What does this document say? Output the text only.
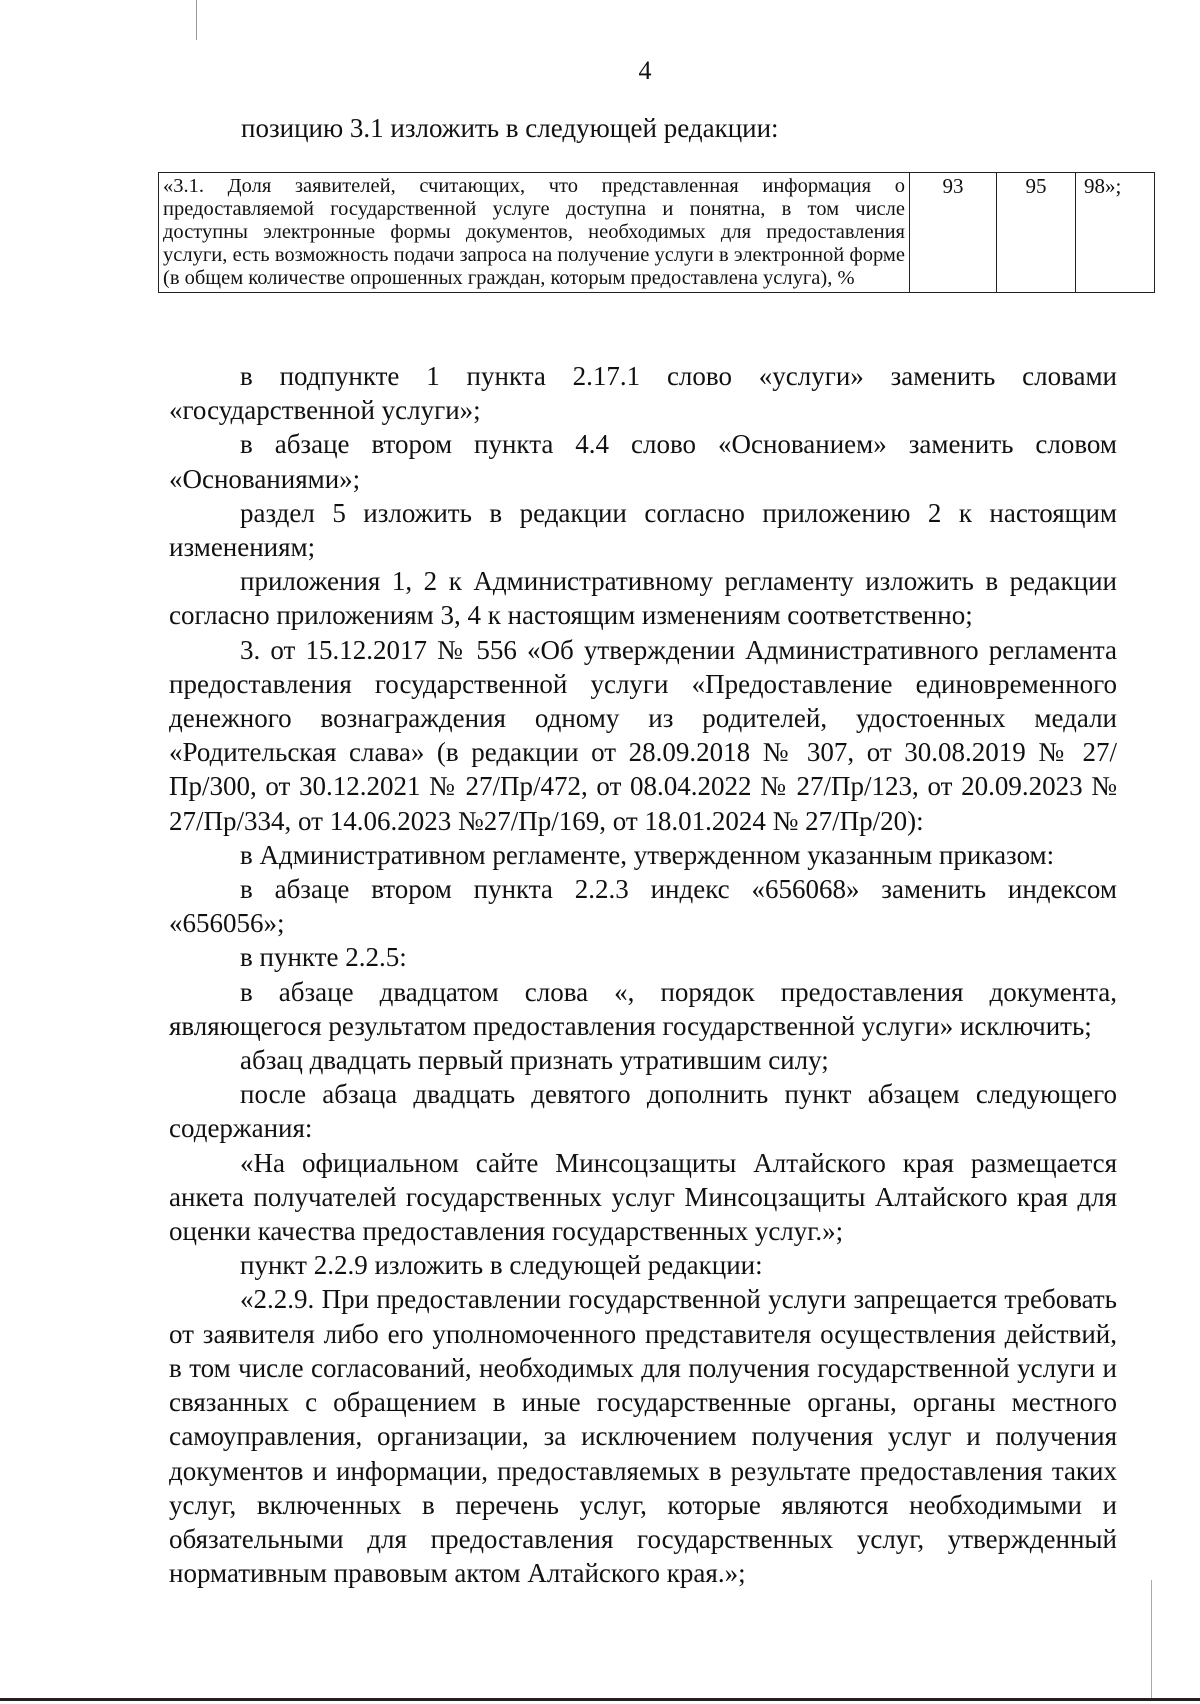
4
позицию 3.1 изложить в следующей редакции:
«3.1. Доля заявителей, считающих, что представленная информация о предоставляемой государственной услуге доступна и понятна, в том числе доступны электронные формы документов, необходимых для предоставления услуги, есть возможность подачи запроса на получение услуги в электронной форме (в общем количестве опрошенных граждан, которым предоставлена услуга), %	93	95	98»;

в подпункте 1 пункта 2.17.1 слово «услуги» заменить словами «государственной услуги»;

в абзаце втором пункта 4.4 слово «Основанием» заменить словом «Основаниями»;

раздел 5 изложить в редакции согласно приложению 2 к настоящим изменениям;

приложения 1, 2 к Административному регламенту изложить в редакции согласно приложениям 3, 4 к настоящим изменениям соответственно;

3. от 15.12.2017 № 556 «Об утверждении Административного регламента предоставления государственной услуги «Предоставление единовременного денежного вознаграждения одному из родителей, удостоенных медали «Родительская слава» (в редакции от 28.09.2018 № 307, от 30.08.2019 № 27/Пр/300, от 30.12.2021 № 27/Пр/472, от 08.04.2022 № 27/Пр/123, от 20.09.2023 № 27/Пр/334, от 14.06.2023 №27/Пр/169, от 18.01.2024 № 27/Пр/20):

в Административном регламенте, утвержденном указанным приказом:

в абзаце втором пункта 2.2.3 индекс «656068» заменить индексом «656056»;

в пункте 2.2.5:

в абзаце двадцатом слова «, порядок предоставления документа, являющегося результатом предоставления государственной услуги» исключить;

абзац двадцать первый признать утратившим силу;

после абзаца двадцать девятого дополнить пункт абзацем следующего содержания:

«На официальном сайте Минсоцзащиты Алтайского края размещается анкета получателей государственных услуг Минсоцзащиты Алтайского края для оценки качества предоставления государственных услуг.»;

пункт 2.2.9 изложить в следующей редакции:

«2.2.9. При предоставлении государственной услуги запрещается требовать от заявителя либо его уполномоченного представителя осуществления действий, в том числе согласований, необходимых для получения государственной услуги и связанных с обращением в иные государственные органы, органы местного самоуправления, организации, за исключением получения услуг и получения документов и информации, предоставляемых в результате предоставления таких услуг, включенных в перечень услуг, которые являются необходимыми и обязательными для предоставления государственных услуг, утвержденный нормативным правовым актом Алтайского края.»;
